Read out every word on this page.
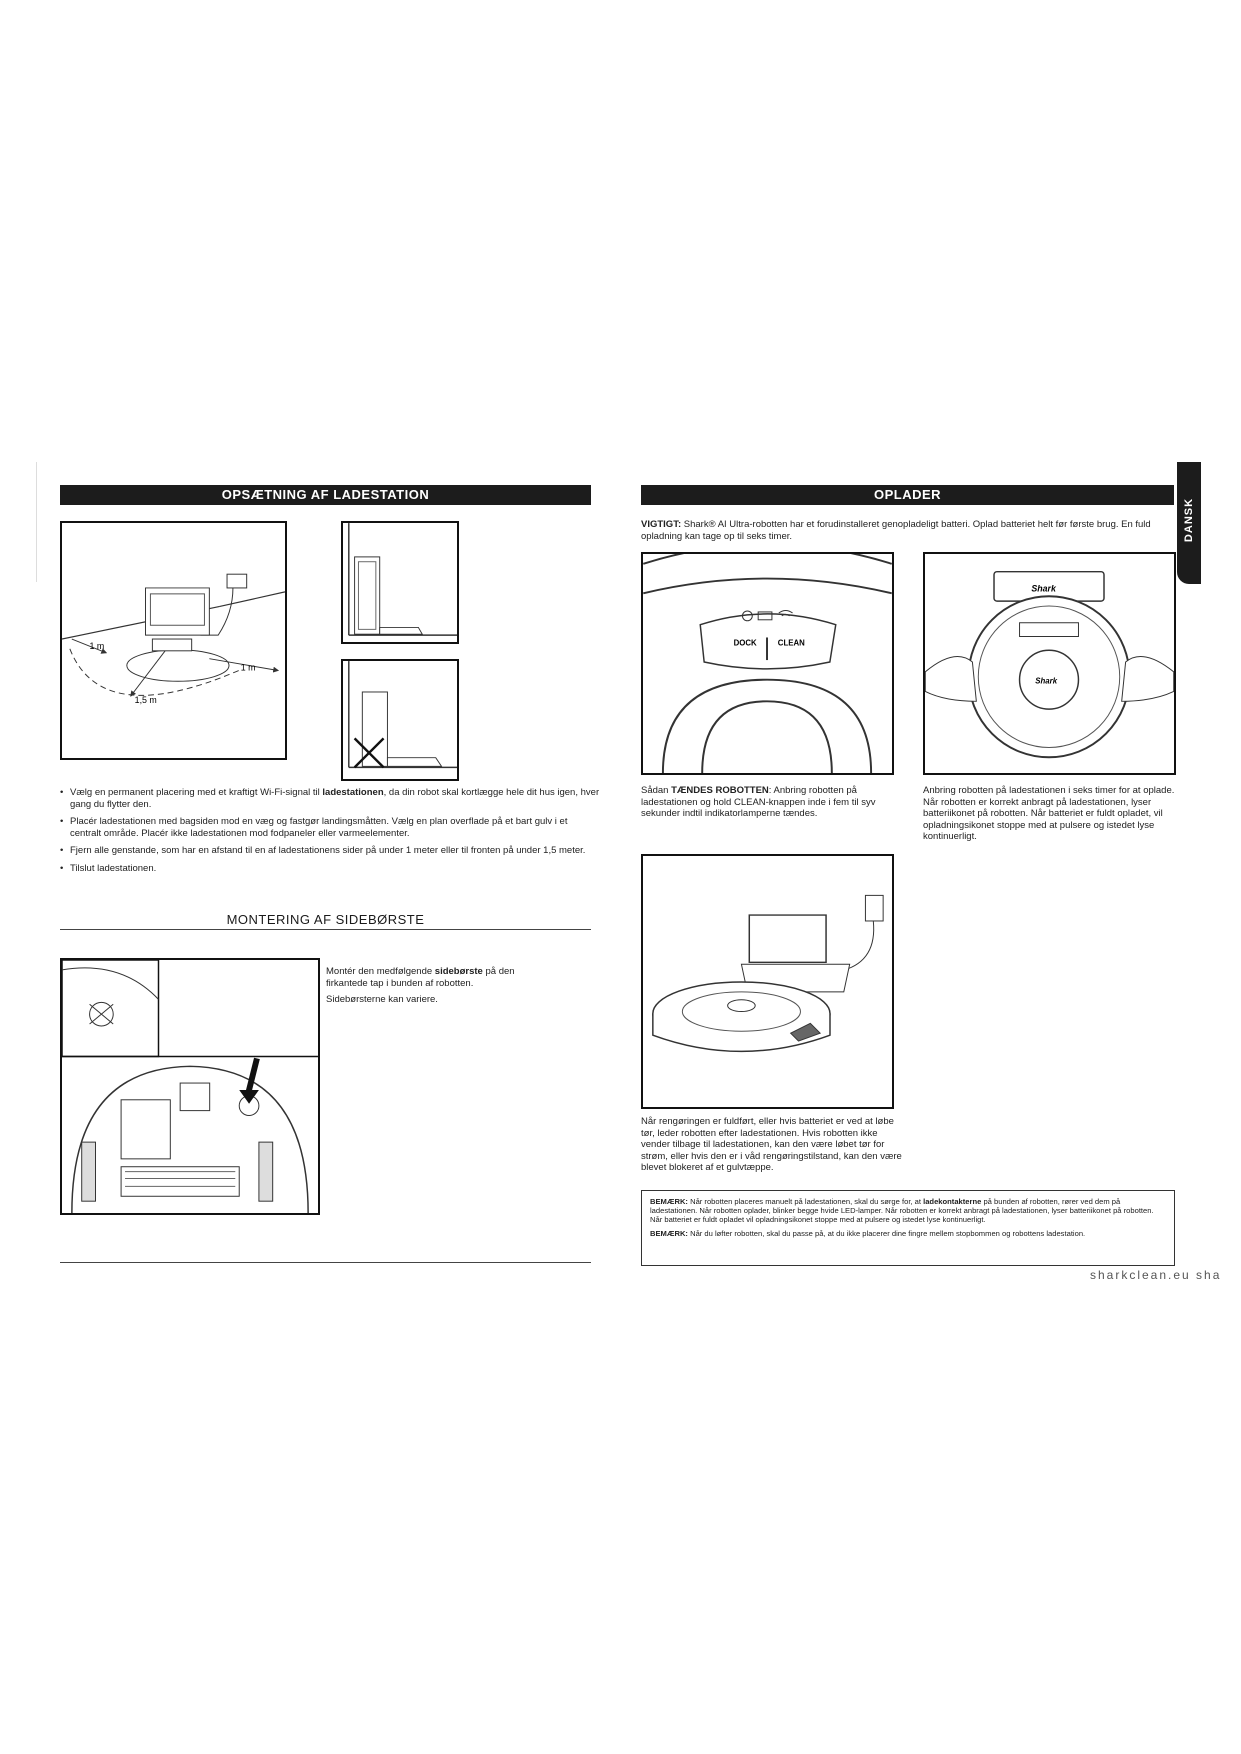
OPSÆTNING AF LADESTATION
1 m
1 m
1,5 m
• Vælg en permanent placering med et kraftigt Wi-Fi-signal til ladestationen, da din robot skal kortlægge hele dit hus igen, hver gang du flytter den.
• Placér ladestationen med bagsiden mod en væg og fastgør landingsmåtten. Vælg en plan overflade på et bart gulv i et centralt område. Placér ikke ladestationen mod fodpaneler eller varmeelementer.
• Fjern alle genstande, som har en afstand til en af ladestationens sider på under 1 meter eller til fronten på under 1,5 meter.
• Tilslut ladestationen.
MONTERING AF SIDEBØRSTE
Montér den medfølgende sidebørste på den firkantede tap i bunden af robotten.
Sidebørsterne kan variere.
OPLADER
DANSK
VIGTIGT: Shark® AI Ultra-robotten har et forudinstalleret genopladeligt batteri. Oplad batteriet helt før første brug. En fuld opladning kan tage op til seks timer.
DOCK	CLEAN
Shark
Shark
Sådan TÆNDES ROBOTTEN: Anbring robotten på ladestationen og hold CLEAN-knappen inde i fem til syv sekunder indtil indikatorlamperne tændes.
Anbring robotten på ladestationen i seks timer for at oplade. Når robotten er korrekt anbragt på ladestationen, lyser batteriikonet på robotten. Når batteriet er fuldt opladet, vil opladningsikonet stoppe med at pulsere og istedet lyse kontinuerligt.
Når rengøringen er fuldført, eller hvis batteriet er ved at løbe tør, leder robotten efter ladestationen. Hvis robotten ikke vender tilbage til ladestationen, kan den være løbet tør for strøm, eller hvis den er i våd rengøringstilstand, kan den være blevet blokeret af et gulvtæppe.

BEMÆRK: Når robotten placeres manuelt på ladestationen, skal du sørge for, at ladekontakterne på bunden af robotten, rører ved dem på ladestationen. Når robotten oplader, blinker begge hvide LED-lamper. Når robotten er korrekt anbragt på ladestationen, lyser batteriikonet på robotten. Når batteriet er fuldt opladet vil opladningsikonet stoppe med at pulsere og istedet lyse kontinuerligt.

BEMÆRK: Når du løfter robotten, skal du passe på, at du ikke placerer dine fingre mellem stopbommen og robottens ladestation.

sharkclean.eu sha
